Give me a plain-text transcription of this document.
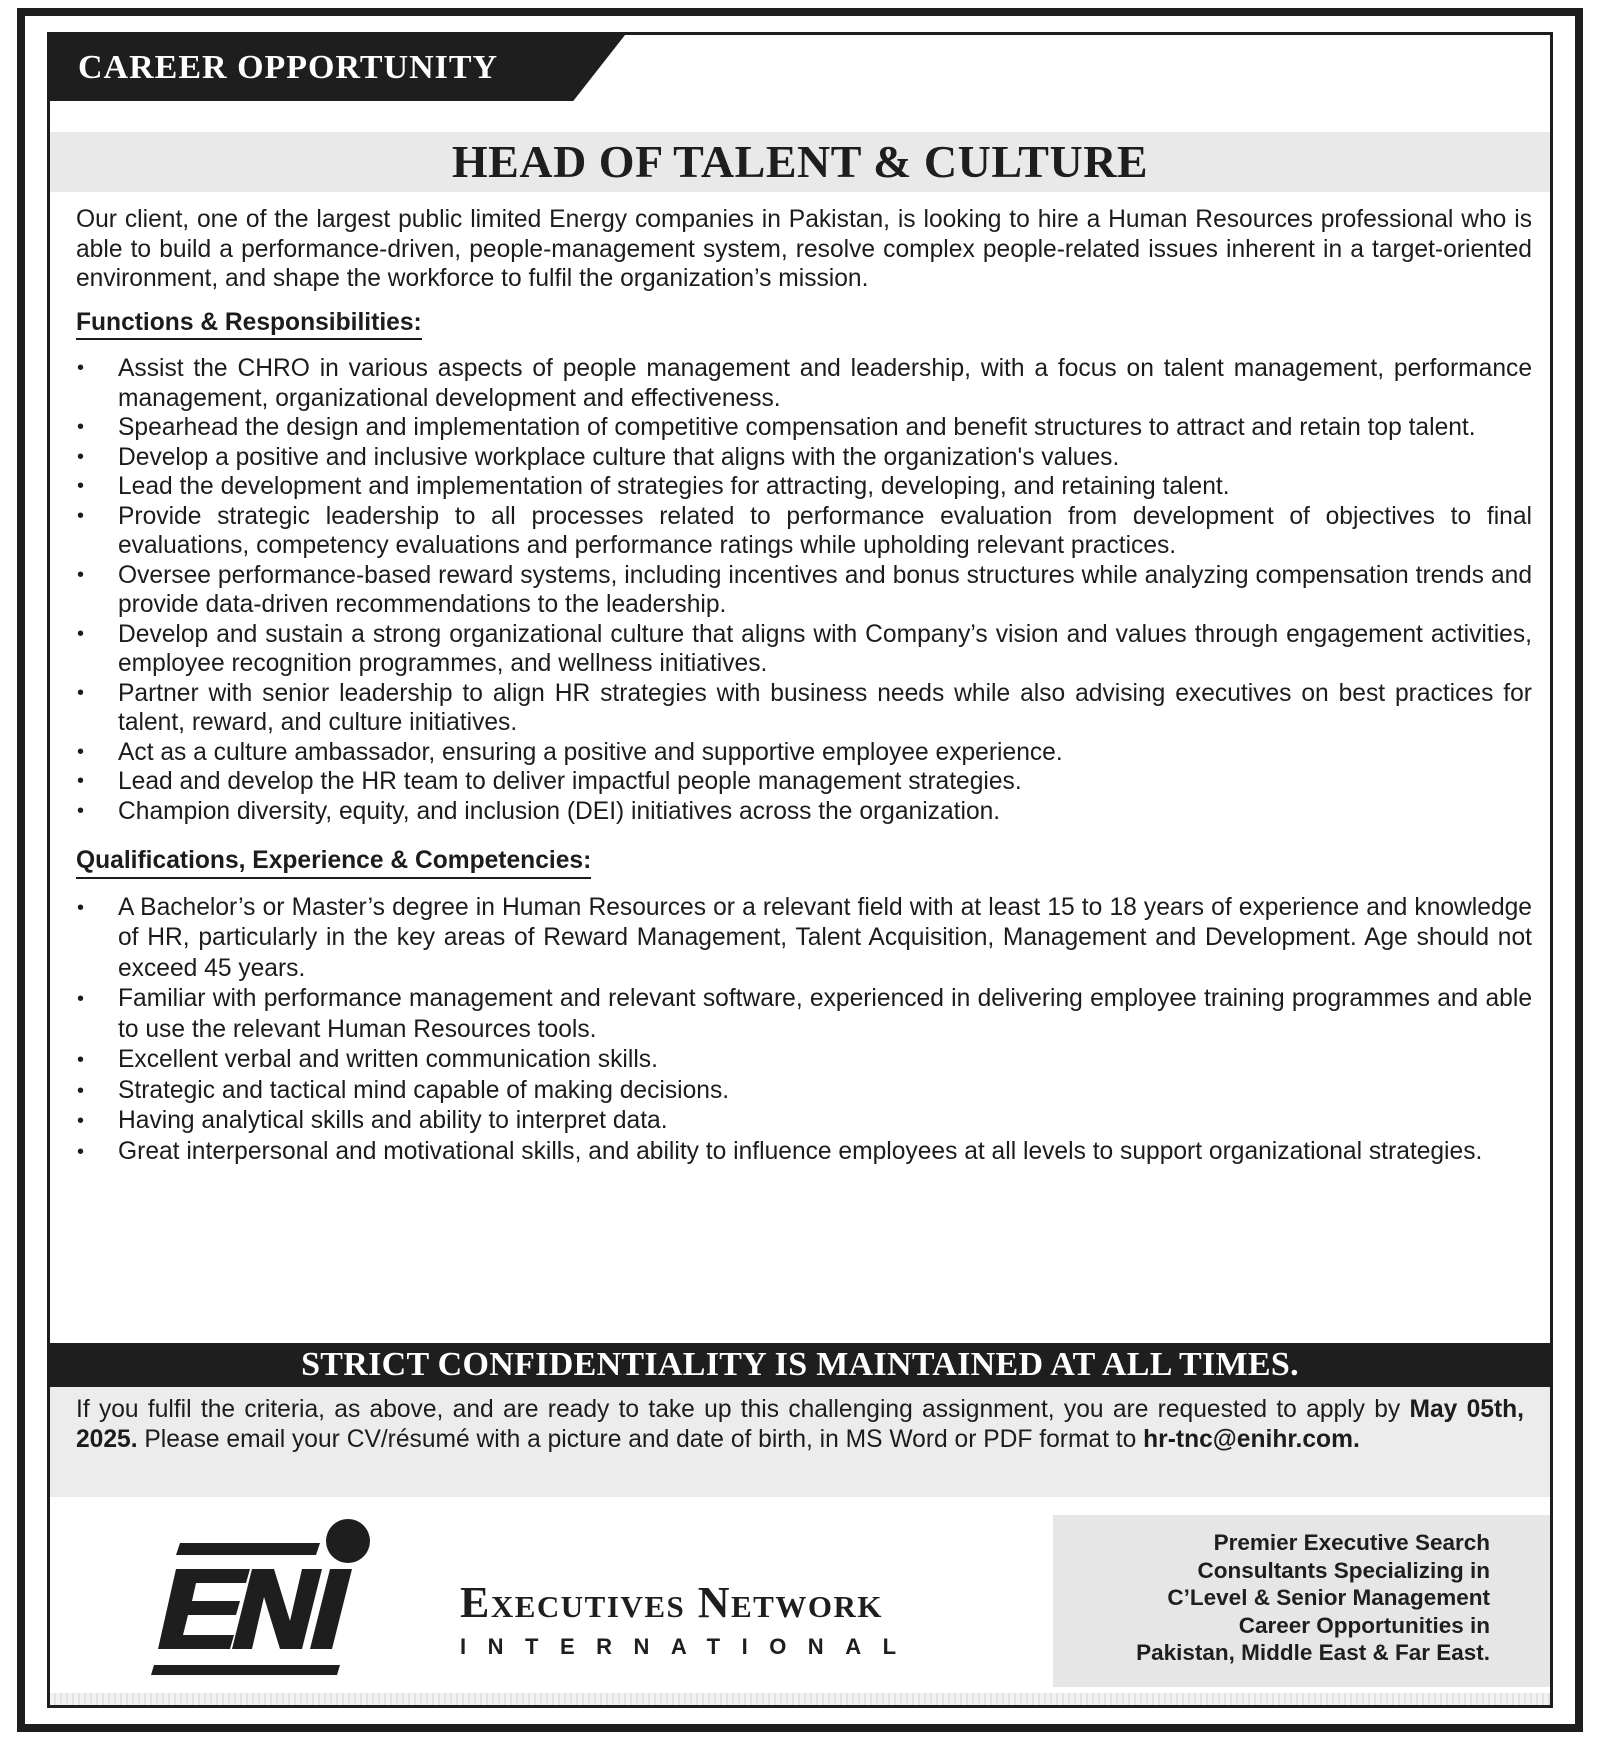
CAREER OPPORTUNITY
HEAD OF TALENT & CULTURE

Our client, one of the largest public limited Energy companies in Pakistan, is looking to hire a Human Resources professional who is able to build a performance-driven, people-management system, resolve complex people-related issues inherent in a target-oriented environment, and shape the workforce to fulfil the organization’s mission.

Functions & Responsibilities:
• Assist the CHRO in various aspects of people management and leadership, with a focus on talent management, performance management, organizational development and effectiveness.
• Spearhead the design and implementation of competitive compensation and benefit structures to attract and retain top talent.
• Develop a positive and inclusive workplace culture that aligns with the organization's values.
• Lead the development and implementation of strategies for attracting, developing, and retaining talent.
• Provide strategic leadership to all processes related to performance evaluation from development of objectives to final evaluations, competency evaluations and performance ratings while upholding relevant practices.
• Oversee performance-based reward systems, including incentives and bonus structures while analyzing compensation trends and provide data-driven recommendations to the leadership.
• Develop and sustain a strong organizational culture that aligns with Company’s vision and values through engagement activities, employee recognition programmes, and wellness initiatives.
• Partner with senior leadership to align HR strategies with business needs while also advising executives on best practices for talent, reward, and culture initiatives.
• Act as a culture ambassador, ensuring a positive and supportive employee experience.
• Lead and develop the HR team to deliver impactful people management strategies.
• Champion diversity, equity, and inclusion (DEI) initiatives across the organization.
Qualifications, Experience & Competencies:
• A Bachelor’s or Master’s degree in Human Resources or a relevant field with at least 15 to 18 years of experience and knowledge of HR, particularly in the key areas of Reward Management, Talent Acquisition, Management and Development. Age should not exceed 45 years.
• Familiar with performance management and relevant software, experienced in delivering employee training programmes and able to use the relevant Human Resources tools.
• Excellent verbal and written communication skills.
• Strategic and tactical mind capable of making decisions.
• Having analytical skills and ability to interpret data.
• Great interpersonal and motivational skills, and ability to influence employees at all levels to support organizational strategies.
STRICT CONFIDENTIALITY IS MAINTAINED AT ALL TIMES.
If you fulfil the criteria, as above, and are ready to take up this challenging assignment, you are requested to apply by May 05th, 2025. Please email your CV/résumé with a picture and date of birth, in MS Word or PDF format to hr-tnc@enihr.com.
ENI
Executives Network
INTERNATIONAL
Premier Executive Search
Consultants Specializing in
C’Level & Senior Management
Career Opportunities in
Pakistan, Middle East & Far East.
